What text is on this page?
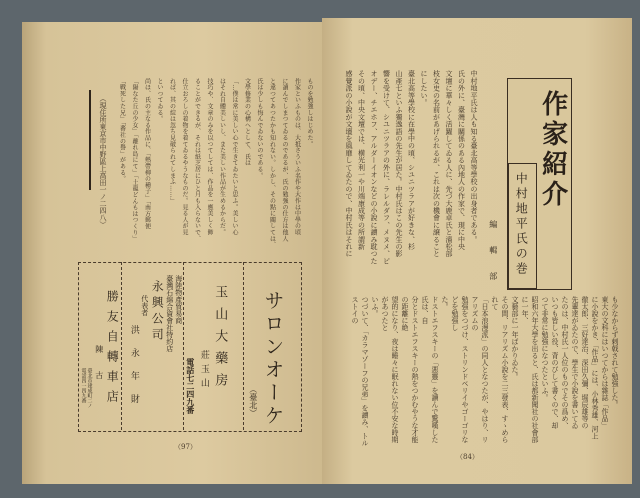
ものを勉強しはじめた。
作家といふものは、大抵さういふ名作や大作は中學の頃
に讀んでしまつてゐるのであるが、氏の勉強の仕方は他人
と違つてあつたかも知れない。しかし、その點に關しては、
氏は少しも悔んでゐないのである。
文學修業の心構へとして、氏は
「…僕は常に美しい心で生きてゐたいと思ふ。美しい心
はそれ自體美しいし、また美しい作品が生めるからだ。
技巧や、文章のみを以つてしては、作品を一應美しく飾
ることができるが、それは紙芝居にひと月も入らないで、
仕立おろしの着物を着てゐるやうなものだ。見る人が見
れば、其の綻は忽ち見破られてしまふ……」
といつてゐる。
尚ほ、氏の主なる作品に、「熱帶柳の種子」「南方郵便
「陽なた丘の少女」「離れ島にて」「土龍どんもはつくり」
「戰死した兄」「蕃社の譽」がある。
（現住所東京市中野區上高田一ノ二四八）
サロンオーケ
（臺北）
玉山大藥房
莊玉山
電話七二四九番
海陸物產貿易商
臺灣石綿合資會社特約店
永興公司
代表者
洪永年財
勝友自轉車店
陳古
臺北市建成町二ノ
電話四一四九番
（97）
中村地平氏は人も知る臺北高等學校の出身者である。
氏の外に、臺灣に關係のある內地人の作家で、現に中央
文壇に華々しく活躍してゐる人に、先づ大鹿卓氏と濱松部
枝女史の名前があげられるが、これは次の機會に譲ること
にしたい。
臺北高等學校に在學中の頃、シユニツラアが好きな、杉
山產七といふ獨逸語の先生が居た。中村氏はこの先生の影
響を受けて、シユニツラアの外に、ラレルダフ、メヌメ、ピ
オデー、チエホフ、アルダーイオンなどの小說に讀み耽つた
その頃、中央文壇では、横光利一や川端康成等の所謂新
感覺派の小說が文壇を風靡してゐたので、中村氏はそれに	作家紹介
中村地平氏の巻
編輯部
も少なからず刺戟されて勉強した。
東大の文科にはいつてからは雜誌「作品」
に小說をかき、「作品」には、小林秀雄、河上
徹太郎、三好達治、深田久彌、堀辰雄等の
先輩達がゐたので、學生で小說を書いてゐ
たのは、中村氏一人位のものでその爲め、
いつも皆しい役、背のびして書くので、却
つて非常に勉強になつたといふ。
昭和六年大學を出ると、氏は都新聞社の社會部に一年、
文藝部に一年ばかりゐた。
その間、リアリズム小說を二三發表、すゝめられて
「日本浪漫派」の同人となつたが、やはり、リアリズムの
勉强をつづけ、ストリンドベリイやゴーゴリなどを勉强し
た。
ドストエフスキーの「悪靈」を讀んで驚嘆した氏は、自
分とドストエフスキーの熱をつかむやうな才能の距離に絶
望的になり、夜は睡々に眠れない位不安な時期があつたと
いふ。
つづいて、「カラマゾーフの兄弟」を讀み、トルストイの
（84）
